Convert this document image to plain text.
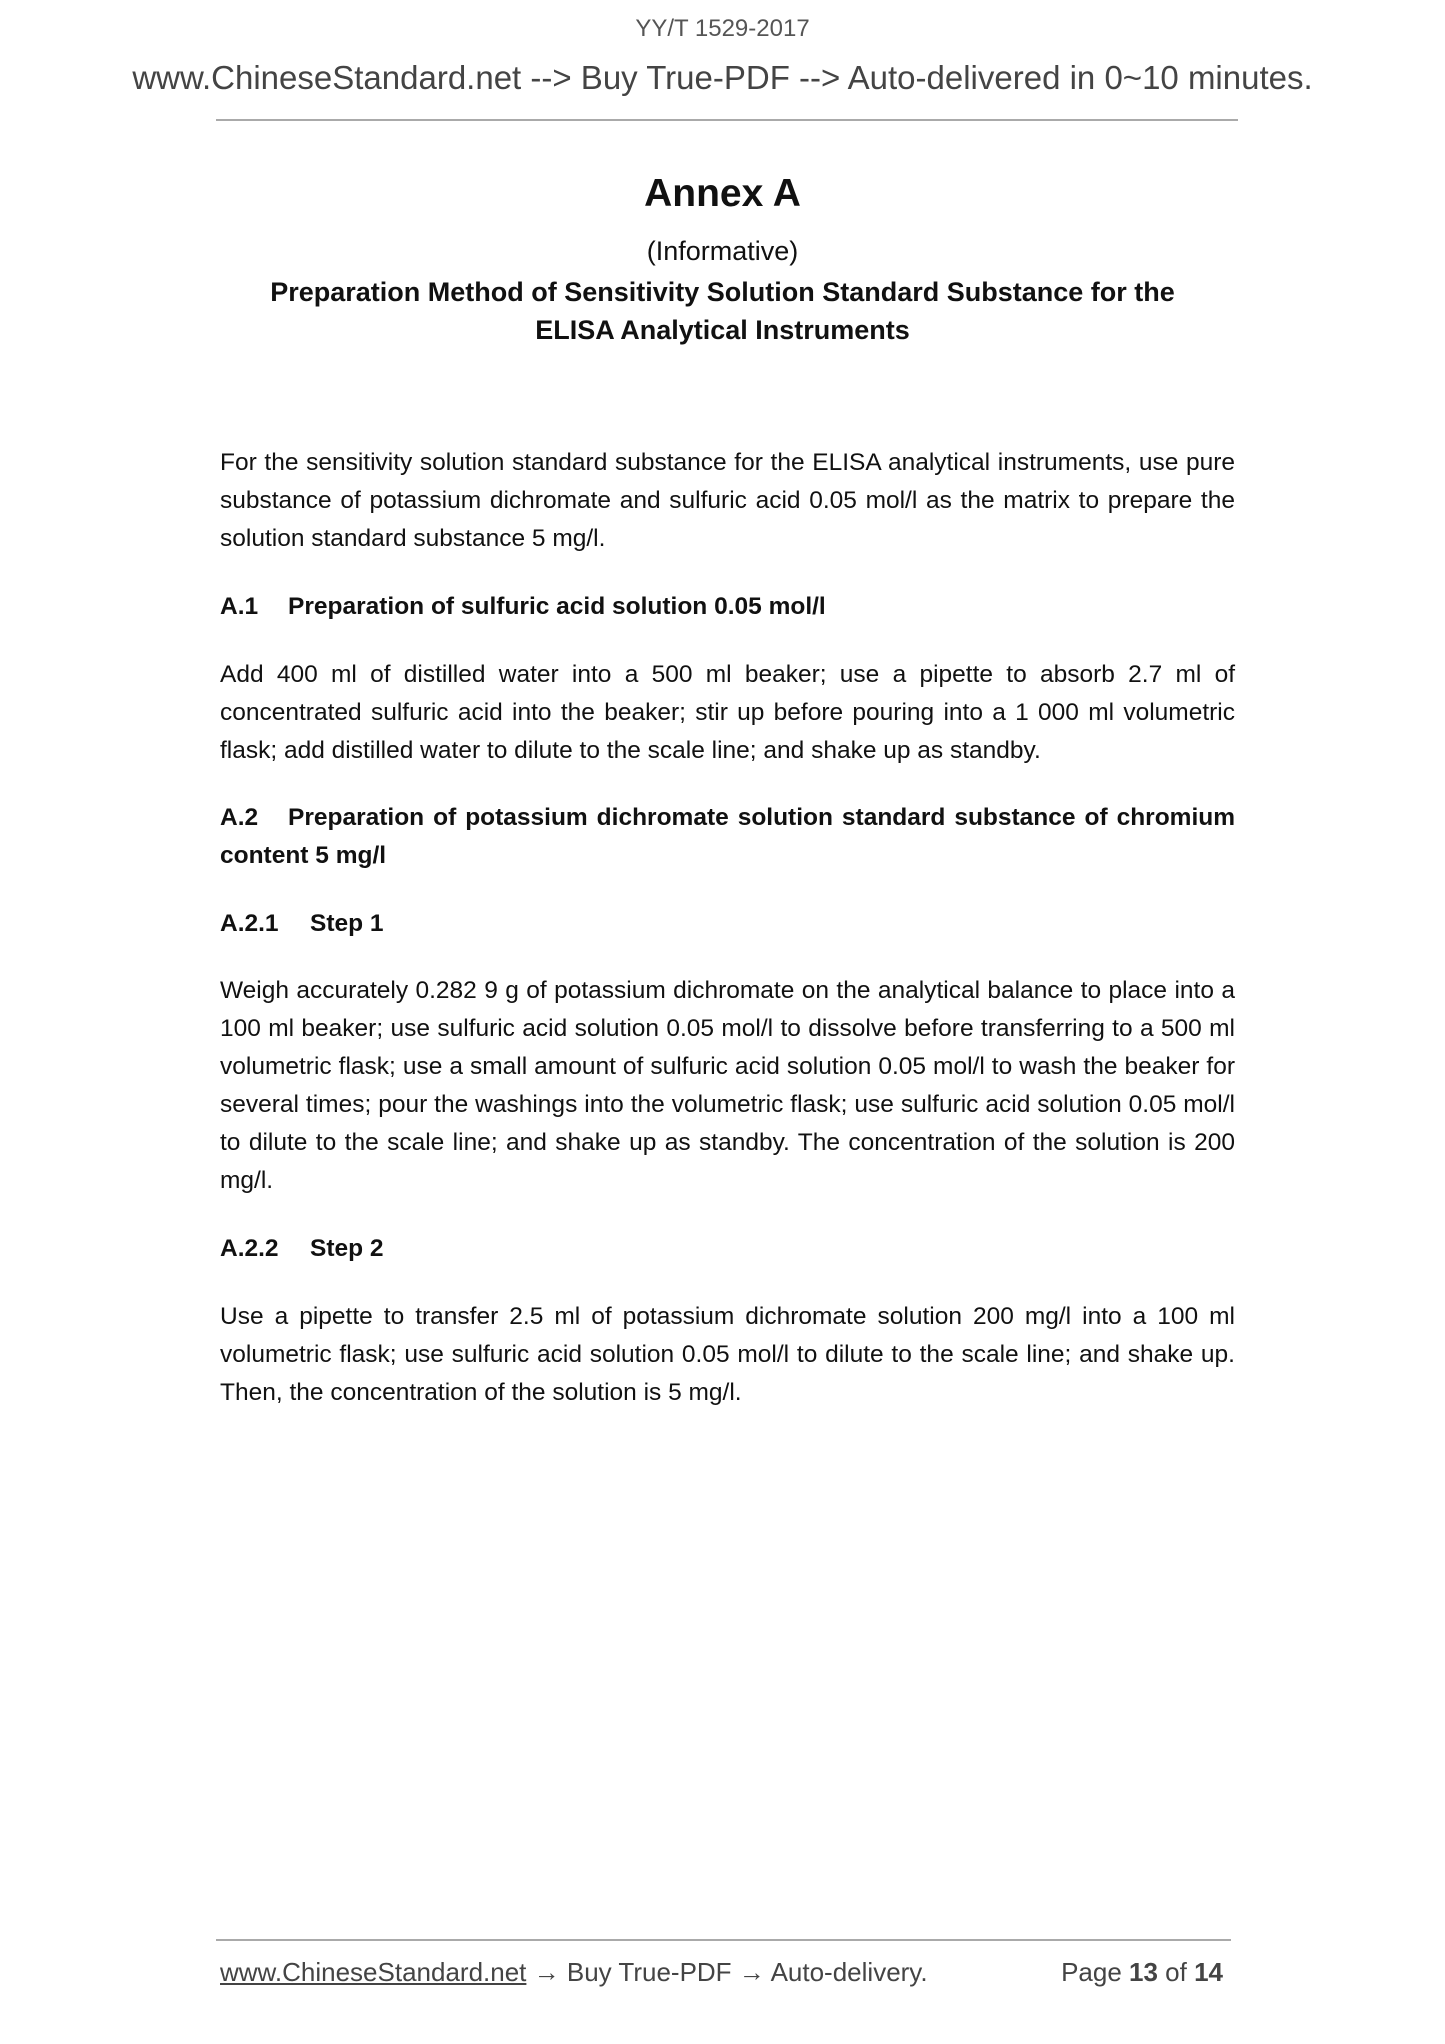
YY/T 1529-2017
www.ChineseStandard.net --> Buy True-PDF --> Auto-delivered in 0~10 minutes.
Annex A
(Informative)
Preparation Method of Sensitivity Solution Standard Substance for the
ELISA Analytical Instruments
For the sensitivity solution standard substance for the ELISA analytical instruments, use pure substance of potassium dichromate and sulfuric acid 0.05 mol/l as the matrix to prepare the solution standard substance 5 mg/l.
A.1 Preparation of sulfuric acid solution 0.05 mol/l
Add 400 ml of distilled water into a 500 ml beaker; use a pipette to absorb 2.7 ml of concentrated sulfuric acid into the beaker; stir up before pouring into a 1 000 ml volumetric flask; add distilled water to dilute to the scale line; and shake up as standby.
A.2 Preparation of potassium dichromate solution standard substance of chromium content 5 mg/l
A.2.1 Step 1
Weigh accurately 0.282 9 g of potassium dichromate on the analytical balance to place into a 100 ml beaker; use sulfuric acid solution 0.05 mol/l to dissolve before transferring to a 500 ml volumetric flask; use a small amount of sulfuric acid solution 0.05 mol/l to wash the beaker for several times; pour the washings into the volumetric flask; use sulfuric acid solution 0.05 mol/l to dilute to the scale line; and shake up as standby. The concentration of the solution is 200 mg/l.
A.2.2 Step 2
Use a pipette to transfer 2.5 ml of potassium dichromate solution 200 mg/l into a 100 ml volumetric flask; use sulfuric acid solution 0.05 mol/l to dilute to the scale line; and shake up. Then, the concentration of the solution is 5 mg/l.
www.ChineseStandard.net → Buy True-PDF → Auto-delivery.	Page 13 of 14
